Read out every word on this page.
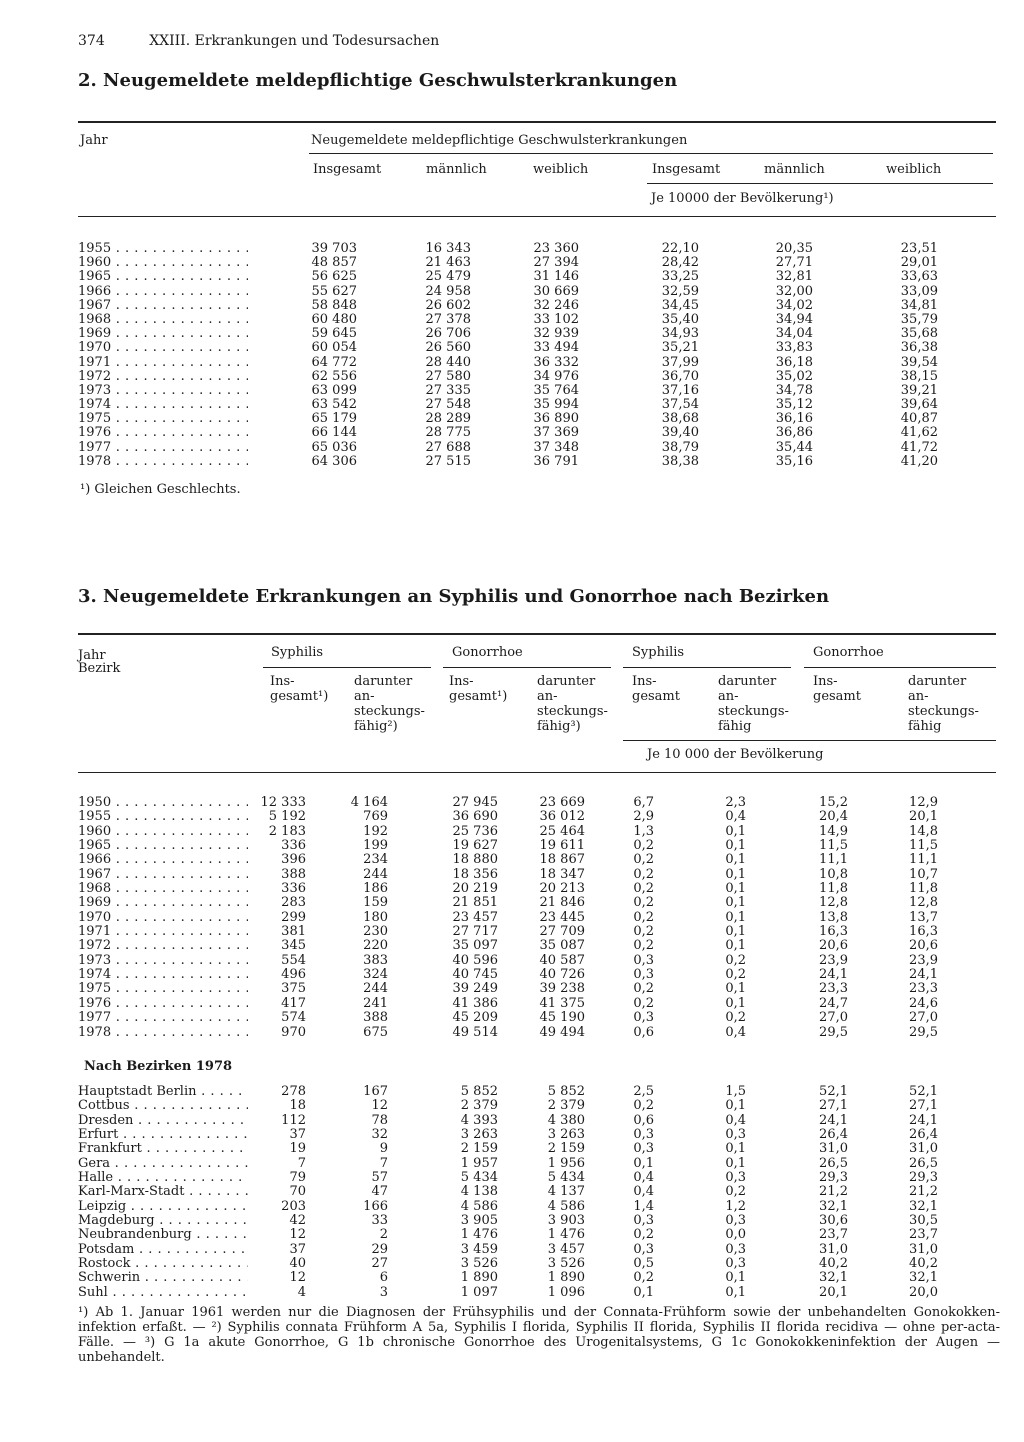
374	XXIII. Erkrankungen und Todesursachen
2. Neugemeldete meldepflichtige Geschwulsterkrankungen
Jahr	Neugemeldete meldepflichtige Geschwulsterkrankungen
Insgesamt	männlich	weiblich	Insgesamt	männlich	weiblich
Je 10000 der Bevölkerung¹)
1955 . . .	39 703	16 343	23 360	22,10	20,35	23,51
1960 . . .	48 857	21 463	27 394	28,42	27,71	29,01
1965 . . .	56 625	25 479	31 146	33,25	32,81	33,63
1966 . . .	55 627	24 958	30 669	32,59	32,00	33,09
1967 . . .	58 848	26 602	32 246	34,45	34,02	34,81
1968 . . .	60 480	27 378	33 102	35,40	34,94	35,79
1969 . . .	59 645	26 706	32 939	34,93	34,04	35,68
1970 . . .	60 054	26 560	33 494	35,21	33,83	36,38
1971 . . .	64 772	28 440	36 332	37,99	36,18	39,54
1972 . . .	62 556	27 580	34 976	36,70	35,02	38,15
1973 . . .	63 099	27 335	35 764	37,16	34,78	39,21
1974 . . .	63 542	27 548	35 994	37,54	35,12	39,64
1975 . . .	65 179	28 289	36 890	38,68	36,16	40,87
1976 . . .	66 144	28 775	37 369	39,40	36,86	41,62
1977 . . .	65 036	27 688	37 348	38,79	35,44	41,72
1978 . . .	64 306	27 515	36 791	38,38	35,16	41,20
¹) Gleichen Geschlechts.
3. Neugemeldete Erkrankungen an Syphilis und Gonorrhoe nach Bezirken
Jahr
Bezirk
Syphilis	Gonorrhoe	Syphilis	Gonorrhoe
Ins-
gesamt¹)
darunter
an-
steckungs-
fähig²)
Ins-
gesamt¹)
darunter
an-
steckungs-
fähig³)
Ins-
gesamt
darunter
an-
steckungs-
fähig
Ins-
gesamt
darunter
an-
steckungs-
fähig
Je 10 000 der Bevölkerung
1950 . . .	12 333	4 164	27 945	23 669	6,7	2,3	15,2	12,9
1955 . . .	5 192	769	36 690	36 012	2,9	0,4	20,4	20,1
1960 . . .	2 183	192	25 736	25 464	1,3	0,1	14,9	14,8
1965 . . .	336	199	19 627	19 611	0,2	0,1	11,5	11,5
1966 . . .	396	234	18 880	18 867	0,2	0,1	11,1	11,1
1967 . . .	388	244	18 356	18 347	0,2	0,1	10,8	10,7
1968 . . .	336	186	20 219	20 213	0,2	0,1	11,8	11,8
1969 . . .	283	159	21 851	21 846	0,2	0,1	12,8	12,8
1970 . . .	299	180	23 457	23 445	0,2	0,1	13,8	13,7
1971 . . .	381	230	27 717	27 709	0,2	0,1	16,3	16,3
1972 . . .	345	220	35 097	35 087	0,2	0,1	20,6	20,6
1973 . . .	554	383	40 596	40 587	0,3	0,2	23,9	23,9
1974 . . .	496	324	40 745	40 726	0,3	0,2	24,1	24,1
1975 . . .	375	244	39 249	39 238	0,2	0,1	23,3	23,3
1976 . . .	417	241	41 386	41 375	0,2	0,1	24,7	24,6
1977 . . .	574	388	45 209	45 190	0,3	0,2	27,0	27,0
1978 . . .	970	675	49 514	49 494	0,6	0,4	29,5	29,5
Nach Bezirken 1978
Hauptstadt Berlin . . .	278	167	5 852	5 852	2,5	1,5	52,1	52,1
Cottbus . . .	18	12	2 379	2 379	0,2	0,1	27,1	27,1
Dresden . . .	112	78	4 393	4 380	0,6	0,4	24,1	24,1
Erfurt . . .	37	32	3 263	3 263	0,3	0,3	26,4	26,4
Frankfurt . . .	19	9	2 159	2 159	0,3	0,1	31,0	31,0
Gera . . .	7	7	1 957	1 956	0,1	0,1	26,5	26,5
Halle . . .	79	57	5 434	5 434	0,4	0,3	29,3	29,3
Karl-Marx-Stadt . . .	70	47	4 138	4 137	0,4	0,2	21,2	21,2
Leipzig . . .	203	166	4 586	4 586	1,4	1,2	32,1	32,1
Magdeburg . . .	42	33	3 905	3 903	0,3	0,3	30,6	30,5
Neubrandenburg . . .	12	2	1 476	1 476	0,2	0,0	23,7	23,7
Potsdam . . .	37	29	3 459	3 457	0,3	0,3	31,0	31,0
Rostock . . .	40	27	3 526	3 526	0,5	0,3	40,2	40,2
Schwerin . . .	12	6	1 890	1 890	0,2	0,1	32,1	32,1
Suhl . . .	4	3	1 097	1 096	0,1	0,1	20,1	20,0
¹) Ab 1. Januar 1961 werden nur die Diagnosen der Frühsyphilis und der Connata-Frühform sowie der unbehandelten Gonokokken-infektion erfaßt. — ²) Syphilis connata Frühform A 5a, Syphilis I florida, Syphilis II florida, Syphilis II florida recidiva — ohne per-acta-Fälle. — ³) G 1a akute Gonorrhoe, G 1b chronische Gonorrhoe des Urogenitalsystems, G 1c Gonokokkeninfektion der Augen — unbehandelt.
